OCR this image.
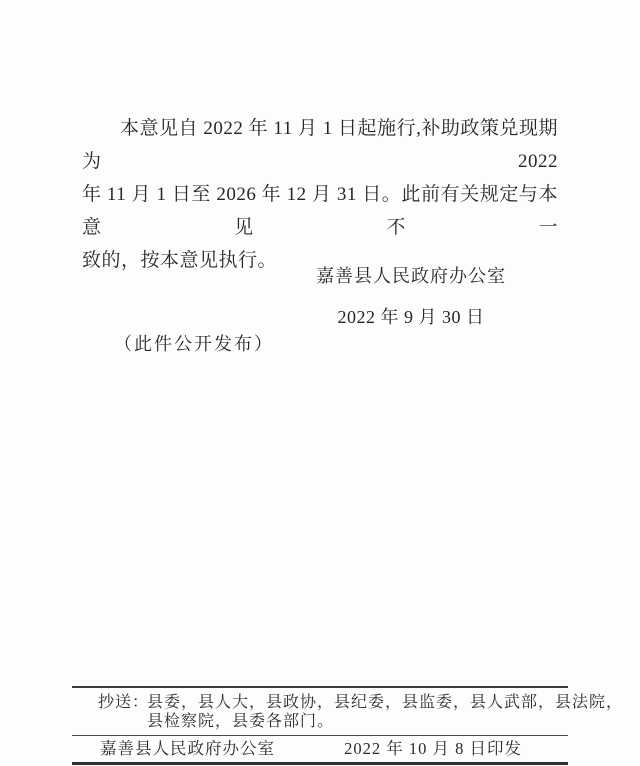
本意见自 2022 年 11 月 1 日起施行,补助政策兑现期为 2022
年 11 月 1 日至 2026 年 12 月 31 日。此前有关规定与本意见不一
致的，按本意见执行。
嘉善县人民政府办公室
2022 年 9 月 30 日
（此件公开发布）
抄送：
县委，县人大，县政协，县纪委，县监委，县人武部，县法院，
县检察院，县委各部门。
嘉善县人民政府办公室	2022 年 10 月 8 日印发
